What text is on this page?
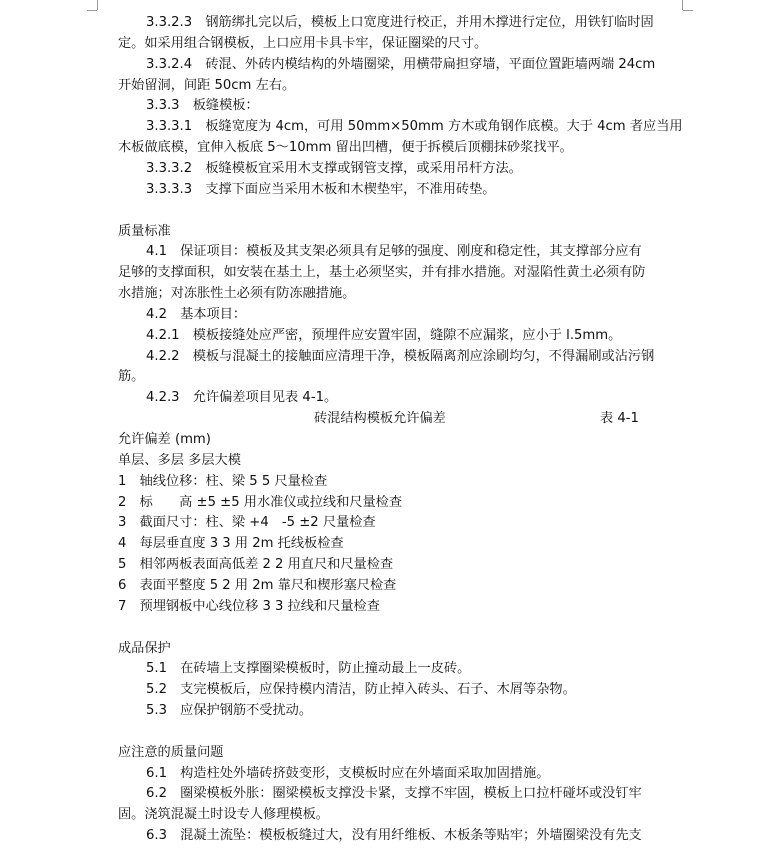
3.3.2.3　钢筋绑扎完以后，模板上口宽度进行校正，并用木撑进行定位，用铁钉临时固
定。如采用组合钢模板，上口应用卡具卡牢，保证圈梁的尺寸。
3.3.2.4　砖混、外砖内模结构的外墙圈梁，用横带扁担穿墙，平面位置距墙两端 24cm
开始留洞，间距 50cm 左右。
3.3.3　板缝模板：
3.3.3.1　板缝宽度为 4cm，可用 50mm×50mm 方木或角钢作底模。大于 4cm 者应当用
木板做底模，宜伸入板底 5～10mm 留出凹槽，便于拆模后顶棚抹砂浆找平。
3.3.3.2　板缝模板宜采用木支撑或钢管支撑，或采用吊杆方法。
3.3.3.3　支撑下面应当采用木板和木楔垫牢，不准用砖垫。
质量标准
4.1　保证项目：模板及其支架必须具有足够的强度、刚度和稳定性，其支撑部分应有
足够的支撑面积，如安装在基土上，基土必须坚实，并有排水措施。对湿陷性黄土必须有防
水措施；对冻胀性土必须有防冻融措施。
4.2　基本项目：
4.2.1　模板接缝处应严密，预埋件应安置牢固，缝隙不应漏浆，应小于 l.5mm。
4.2.2　模板与混凝土的接触面应清理干净，模板隔离剂应涂刷均匀，不得漏刷或沾污钢
筋。
4.2.3　允许偏差项目见表 4-1。
砖混结构模板允许偏差	表 4-1
允许偏差 (mm)
单层、多层 多层大模
1　轴线位移：柱、梁 5 5 尺量检查
2　标　　高 ±5 ±5 用水准仪或拉线和尺量检查
3　截面尺寸：柱、梁 +4　-5 ±2 尺量检查
4　每层垂直度 3 3 用 2m 托线板检查
5　相邻两板表面高低差 2 2 用直尺和尺量检查
6　表面平整度 5 2 用 2m 靠尺和楔形塞尺检查
7　预埋钢板中心线位移 3 3 拉线和尺量检查
成品保护
5.1　在砖墙上支撑圈梁模板时，防止撞动最上一皮砖。
5.2　支完模板后，应保持模内清洁，防止掉入砖头、石子、木屑等杂物。
5.3　应保护钢筋不受扰动。
应注意的质量问题
6.1　构造柱处外墙砖挤鼓变形，支模板时应在外墙面采取加固措施。
6.2　圈梁模板外胀：圈梁模板支撑没卡紧，支撑不牢固，模板上口拉杆碰坏或没钉牢
固。浇筑混凝土时设专人修理模板。
6.3　混凝土流坠：模板板缝过大，没有用纤维板、木板条等贴牢；外墙圈梁没有先支
